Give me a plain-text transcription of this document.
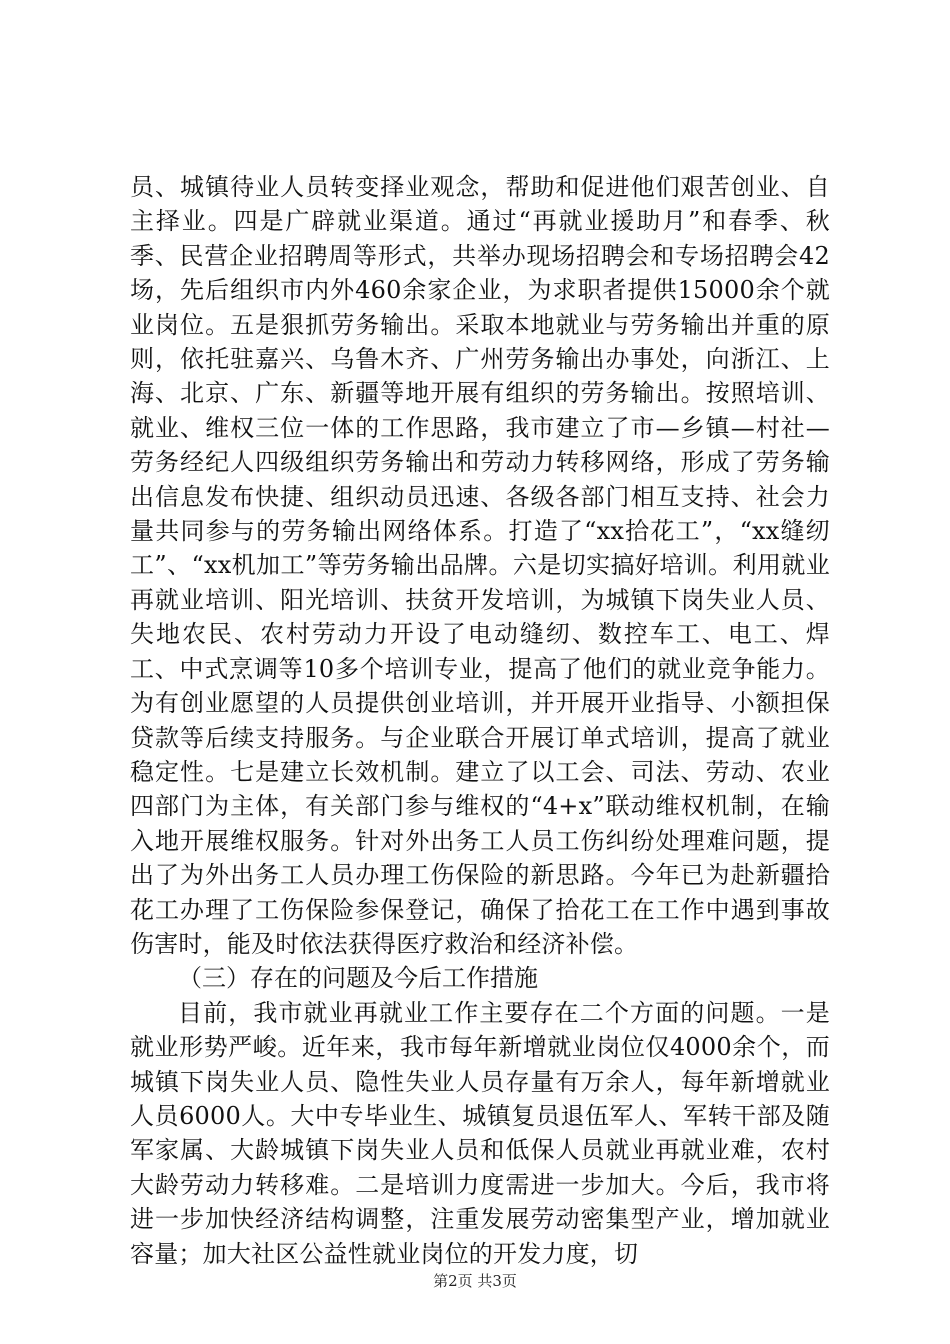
员、城镇待业人员转变择业观念，帮助和促进他们艰苦创业、自主择业。四是广辟就业渠道。通过“再就业援助月”和春季、秋季、民营企业招聘周等形式，共举办现场招聘会和专场招聘会42场，先后组织市内外460余家企业，为求职者提供15000余个就业岗位。五是狠抓劳务输出。采取本地就业与劳务输出并重的原则，依托驻嘉兴、乌鲁木齐、广州劳务输出办事处，向浙江、上海、北京、广东、新疆等地开展有组织的劳务输出。按照培训、就业、维权三位一体的工作思路，我市建立了市—乡镇—村社—劳务经纪人四级组织劳务输出和劳动力转移网络，形成了劳务输出信息发布快捷、组织动员迅速、各级各部门相互支持、社会力量共同参与的劳务输出网络体系。打造了“xx拾花工”，“xx缝纫工”、“xx机加工”等劳务输出品牌。六是切实搞好培训。利用就业再就业培训、阳光培训、扶贫开发培训，为城镇下岗失业人员、失地农民、农村劳动力开设了电动缝纫、数控车工、电工、焊工、中式烹调等10多个培训专业，提高了他们的就业竞争能力。为有创业愿望的人员提供创业培训，并开展开业指导、小额担保贷款等后续支持服务。与企业联合开展订单式培训，提高了就业稳定性。七是建立长效机制。建立了以工会、司法、劳动、农业四部门为主体，有关部门参与维权的“4+x”联动维权机制，在输入地开展维权服务。针对外出务工人员工伤纠纷处理难问题，提出了为外出务工人员办理工伤保险的新思路。今年已为赴新疆拾花工办理了工伤保险参保登记，确保了拾花工在工作中遇到事故伤害时，能及时依法获得医疗救治和经济补偿。

（三）存在的问题及今后工作措施

目前，我市就业再就业工作主要存在二个方面的问题。一是就业形势严峻。近年来，我市每年新增就业岗位仅4000余个，而城镇下岗失业人员、隐性失业人员存量有万余人，每年新增就业人员6000人。大中专毕业生、城镇复员退伍军人、军转干部及随军家属、大龄城镇下岗失业人员和低保人员就业再就业难，农村大龄劳动力转移难。二是培训力度需进一步加大。今后，我市将进一步加快经济结构调整，注重发展劳动密集型产业，增加就业容量；加大社区公益性就业岗位的开发力度，切

第2页 共3页
